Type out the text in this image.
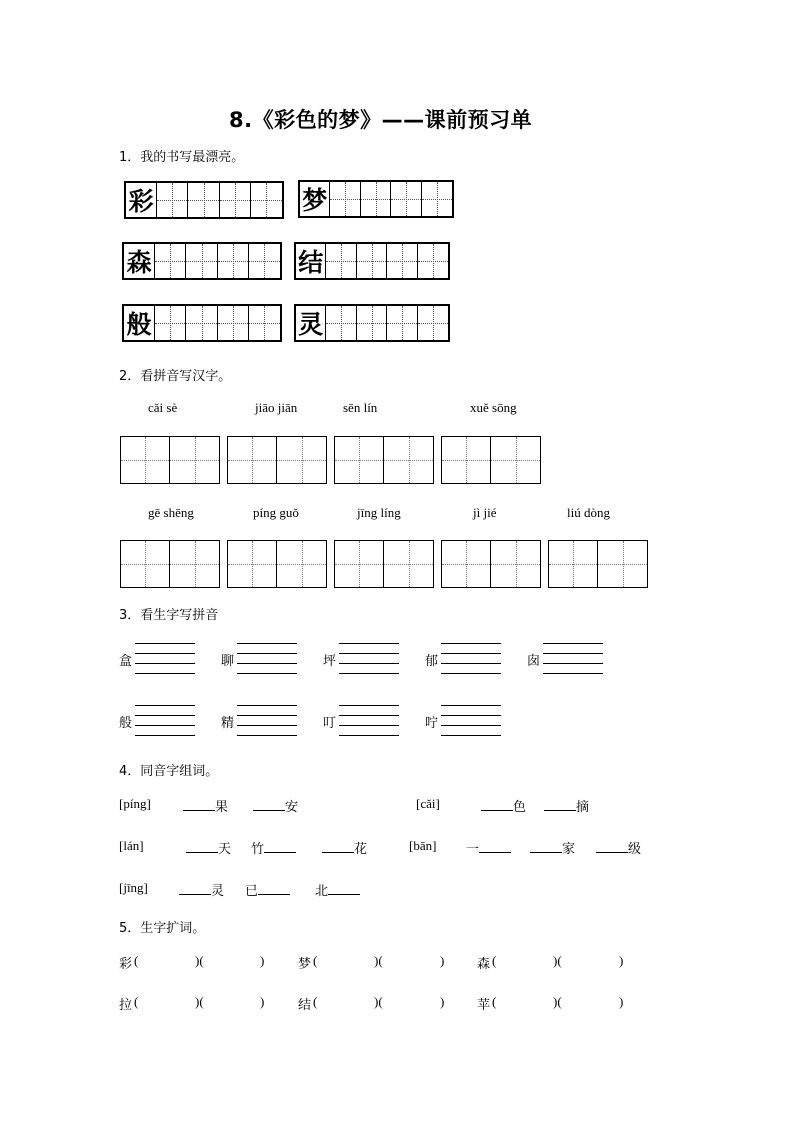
8.《彩色的梦》——课前预习单
1．我的书写最漂亮。
彩	梦
森	结
般	灵
2．看拼音写汉字。
cǎi sè	jiāo jiān	sēn lín	xuě sōng
gē shēng	píng guǒ	jīng líng	jì jié	liú dòng
3．看生字写拼音
盒	聊	坪	郁	囱
般	精	叮	咛
4．同音字组词。
[píng]	果	安	[cǎi]	色	摘
[lán]	天 竹	花	[bān] 一	家	级
[jīng]	灵 已	北
5．生字扩词。
彩 (	)(	)	梦 (	)(	)	森 (	)(	)
拉 (	)(	)	结 (	)(	)	苹 (	)(	)
